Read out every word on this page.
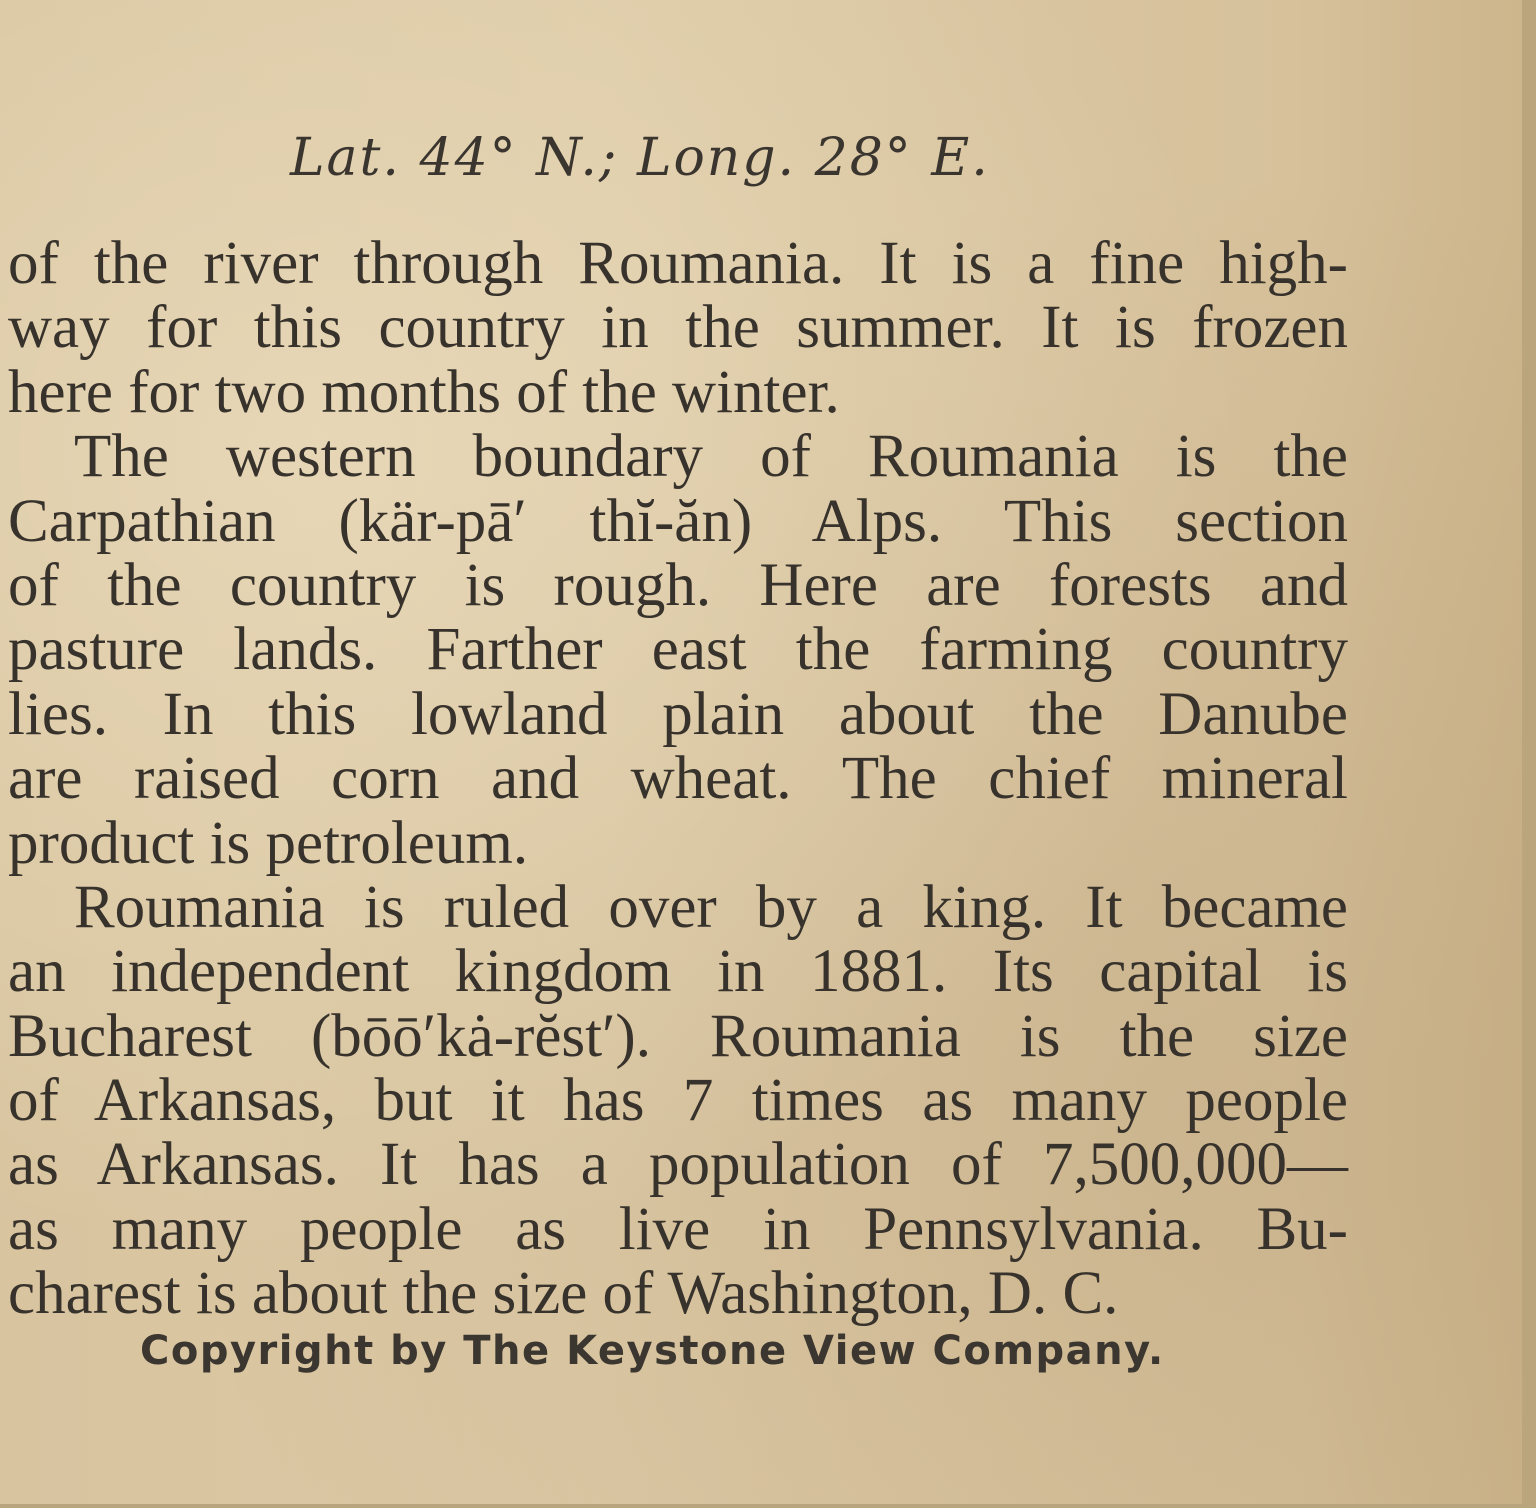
Lat. 44° N.; Long. 28° E.
of the river through Roumania. It is a fine high-
way for this country in the summer. It is frozen
here for two months of the winter.
The western boundary of Roumania is the
Carpathian (kär-pā′ thĭ-ăn) Alps. This section
of the country is rough. Here are forests and
pasture lands. Farther east the farming country
lies. In this lowland plain about the Danube
are raised corn and wheat. The chief mineral
product is petroleum.
Roumania is ruled over by a king. It became
an independent kingdom in 1881. Its capital is
Bucharest (bōō′kȧ-rĕst′). Roumania is the size
of Arkansas, but it has 7 times as many people
as Arkansas. It has a population of 7,500,000—
as many people as live in Pennsylvania. Bu-
charest is about the size of Washington, D. C.
Copyright by The Keystone View Company.
